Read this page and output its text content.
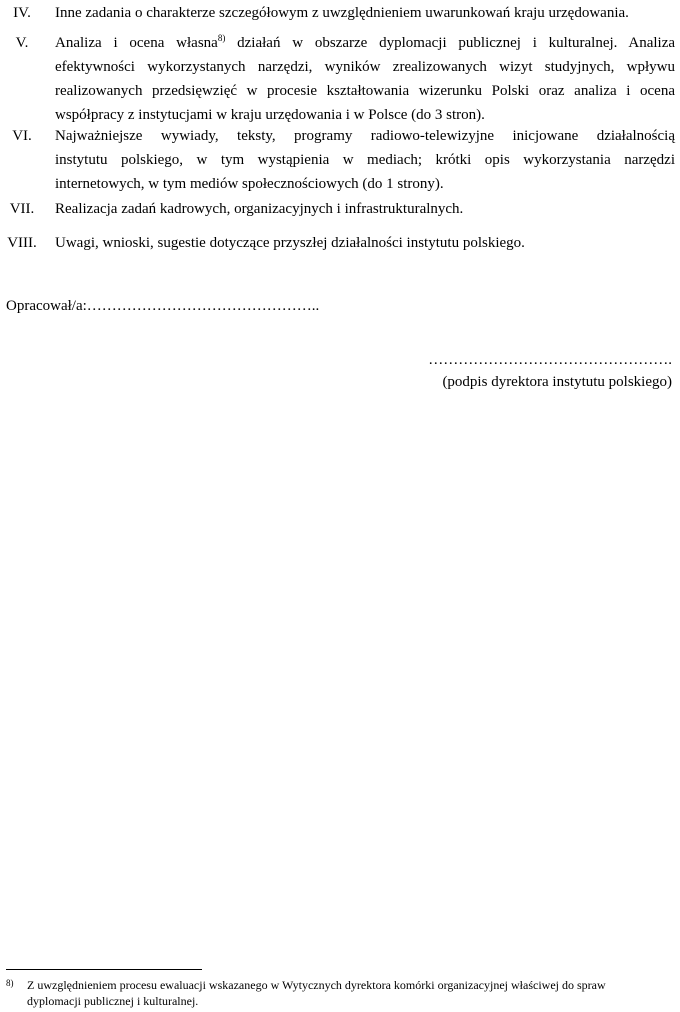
IV.	Inne zadania o charakterze szczegółowym z uwzględnieniem uwarunkowań kraju urzędowania.
V.	Analiza i ocena własna$^{8)}$ działań w obszarze dyplomacji publicznej i kulturalnej. Analiza
efektywności wykorzystanych narzędzi, wyników zrealizowanych wizyt studyjnych, wpływu
realizowanych przedsięwzięć w procesie kształtowania wizerunku Polski oraz analiza i ocena
współpracy z instytucjami w kraju urzędowania i w Polsce (do 3 stron).
VI.	Najważniejsze wywiady, teksty, programy radiowo-telewizyjne inicjowane działalnością
instytutu polskiego, w tym wystąpienia w mediach; krótki opis wykorzystania narzędzi
internetowych, w tym mediów społecznościowych (do 1 strony).
VII.	Realizacja zadań kadrowych, organizacyjnych i infrastrukturalnych.
VIII.	Uwagi, wnioski, sugestie dotyczące przyszłej działalności instytutu polskiego.
Opracował/a:………………………………………..
………………………………………….
(podpis dyrektora instytutu polskiego)
8) Z uwzględnieniem procesu ewaluacji wskazanego w Wytycznych dyrektora komórki organizacyjnej właściwej do spraw
dyplomacji publicznej i kulturalnej.
